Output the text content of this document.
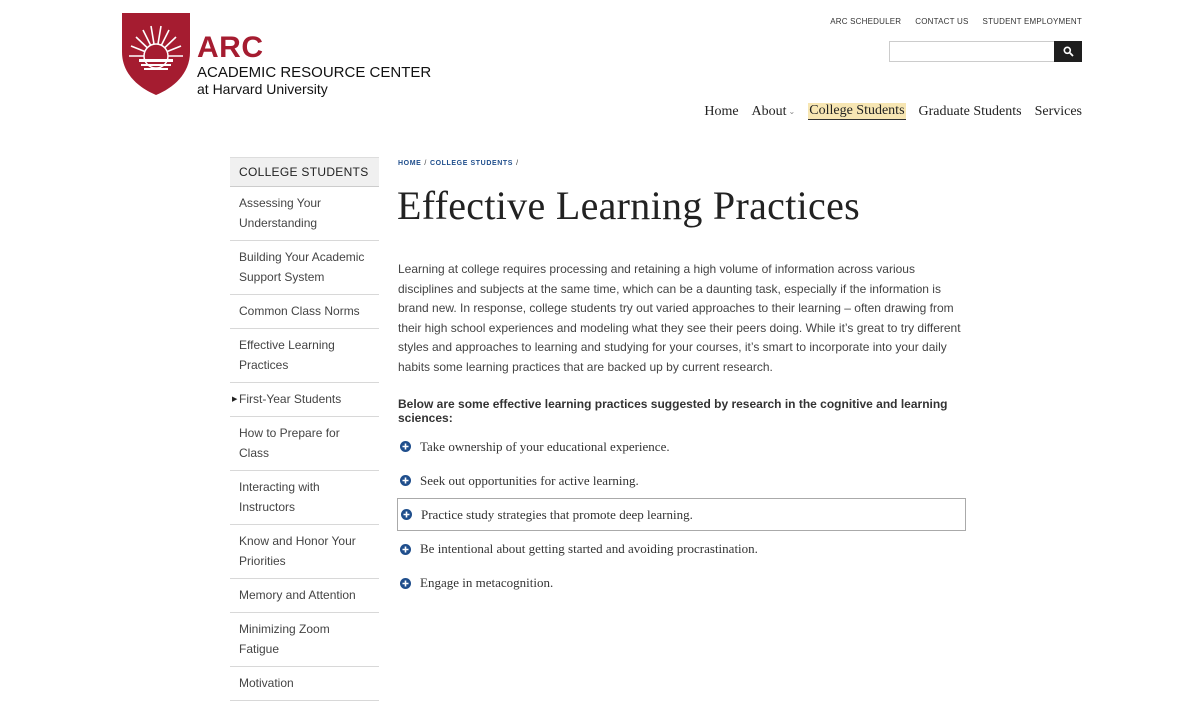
ARC
ACADEMIC RESOURCE CENTER
at Harvard University
ARC SCHEDULER CONTACT US STUDENT EMPLOYMENT
Home About ⌄ College Students Graduate Students Services
COLLEGE STUDENTS
Assessing Your Understanding
Building Your Academic Support System
Common Class Norms
Effective Learning Practices
▶ First-Year Students
How to Prepare for Class
Interacting with Instructors
Know and Honor Your Priorities
Memory and Attention
Minimizing Zoom Fatigue
Motivation
HOME / COLLEGE STUDENTS /
Effective Learning Practices

Learning at college requires processing and retaining a high volume of information across various disciplines and subjects at the same time, which can be a daunting task, especially if the information is brand new. In response, college students try out varied approaches to their learning – often drawing from their high school experiences and modeling what they see their peers doing. While it’s great to try different styles and approaches to learning and studying for your courses, it’s smart to incorporate into your daily habits some learning practices that are backed up by current research.

Below are some effective learning practices suggested by research in the cognitive and learning sciences:

Take ownership of your educational experience.
Seek out opportunities for active learning.
Practice study strategies that promote deep learning.
Be intentional about getting started and avoiding procrastination.
Engage in metacognition.
